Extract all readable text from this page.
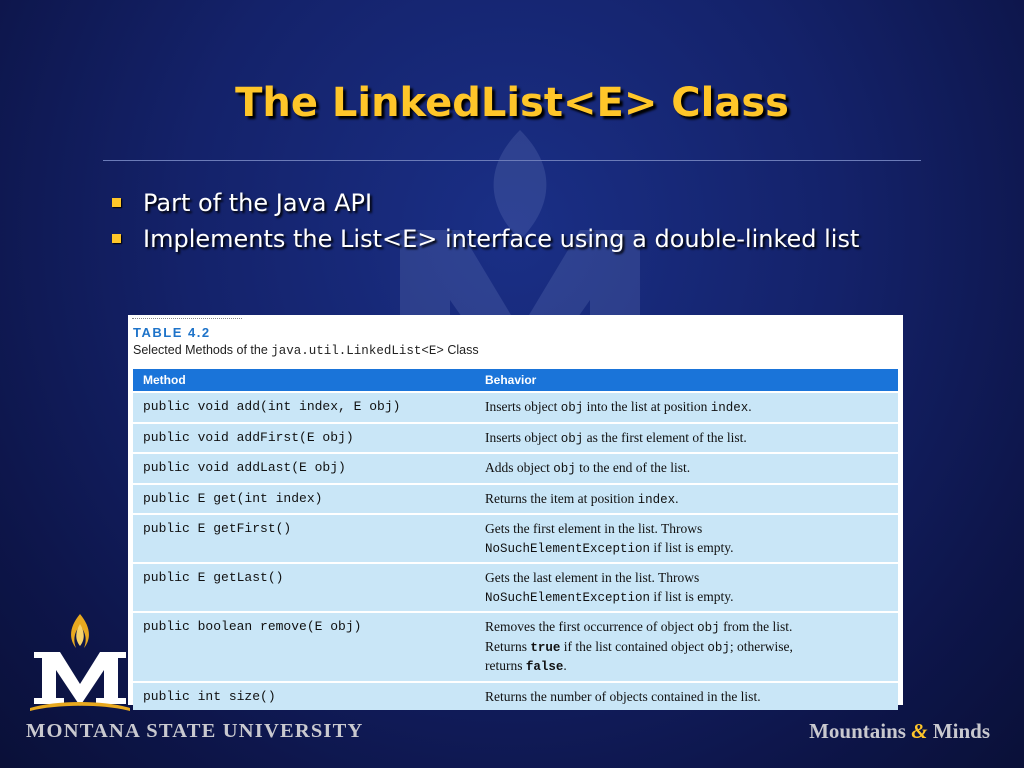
The LinkedList<E> Class
Part of the Java API
Implements the List<E> interface using a double-linked list
TABLE 4.2
Selected Methods of the java.util.LinkedList<E> Class
Method	Behavior
public void add(int index, E obj)	Inserts object obj into the list at position index.
public void addFirst(E obj)	Inserts object obj as the first element of the list.
public void addLast(E obj)	Adds object obj to the end of the list.
public E get(int index)	Returns the item at position index.
public E getFirst()	Gets the first element in the list. Throws
NoSuchElementException if list is empty.
public E getLast()	Gets the last element in the list. Throws
NoSuchElementException if list is empty.
public boolean remove(E obj)	Removes the first occurrence of object obj from the list.
Returns true if the list contained object obj; otherwise,
returns false.
public int size()	Returns the number of objects contained in the list.
MONTANA STATE UNIVERSITY	Mountains & Minds
